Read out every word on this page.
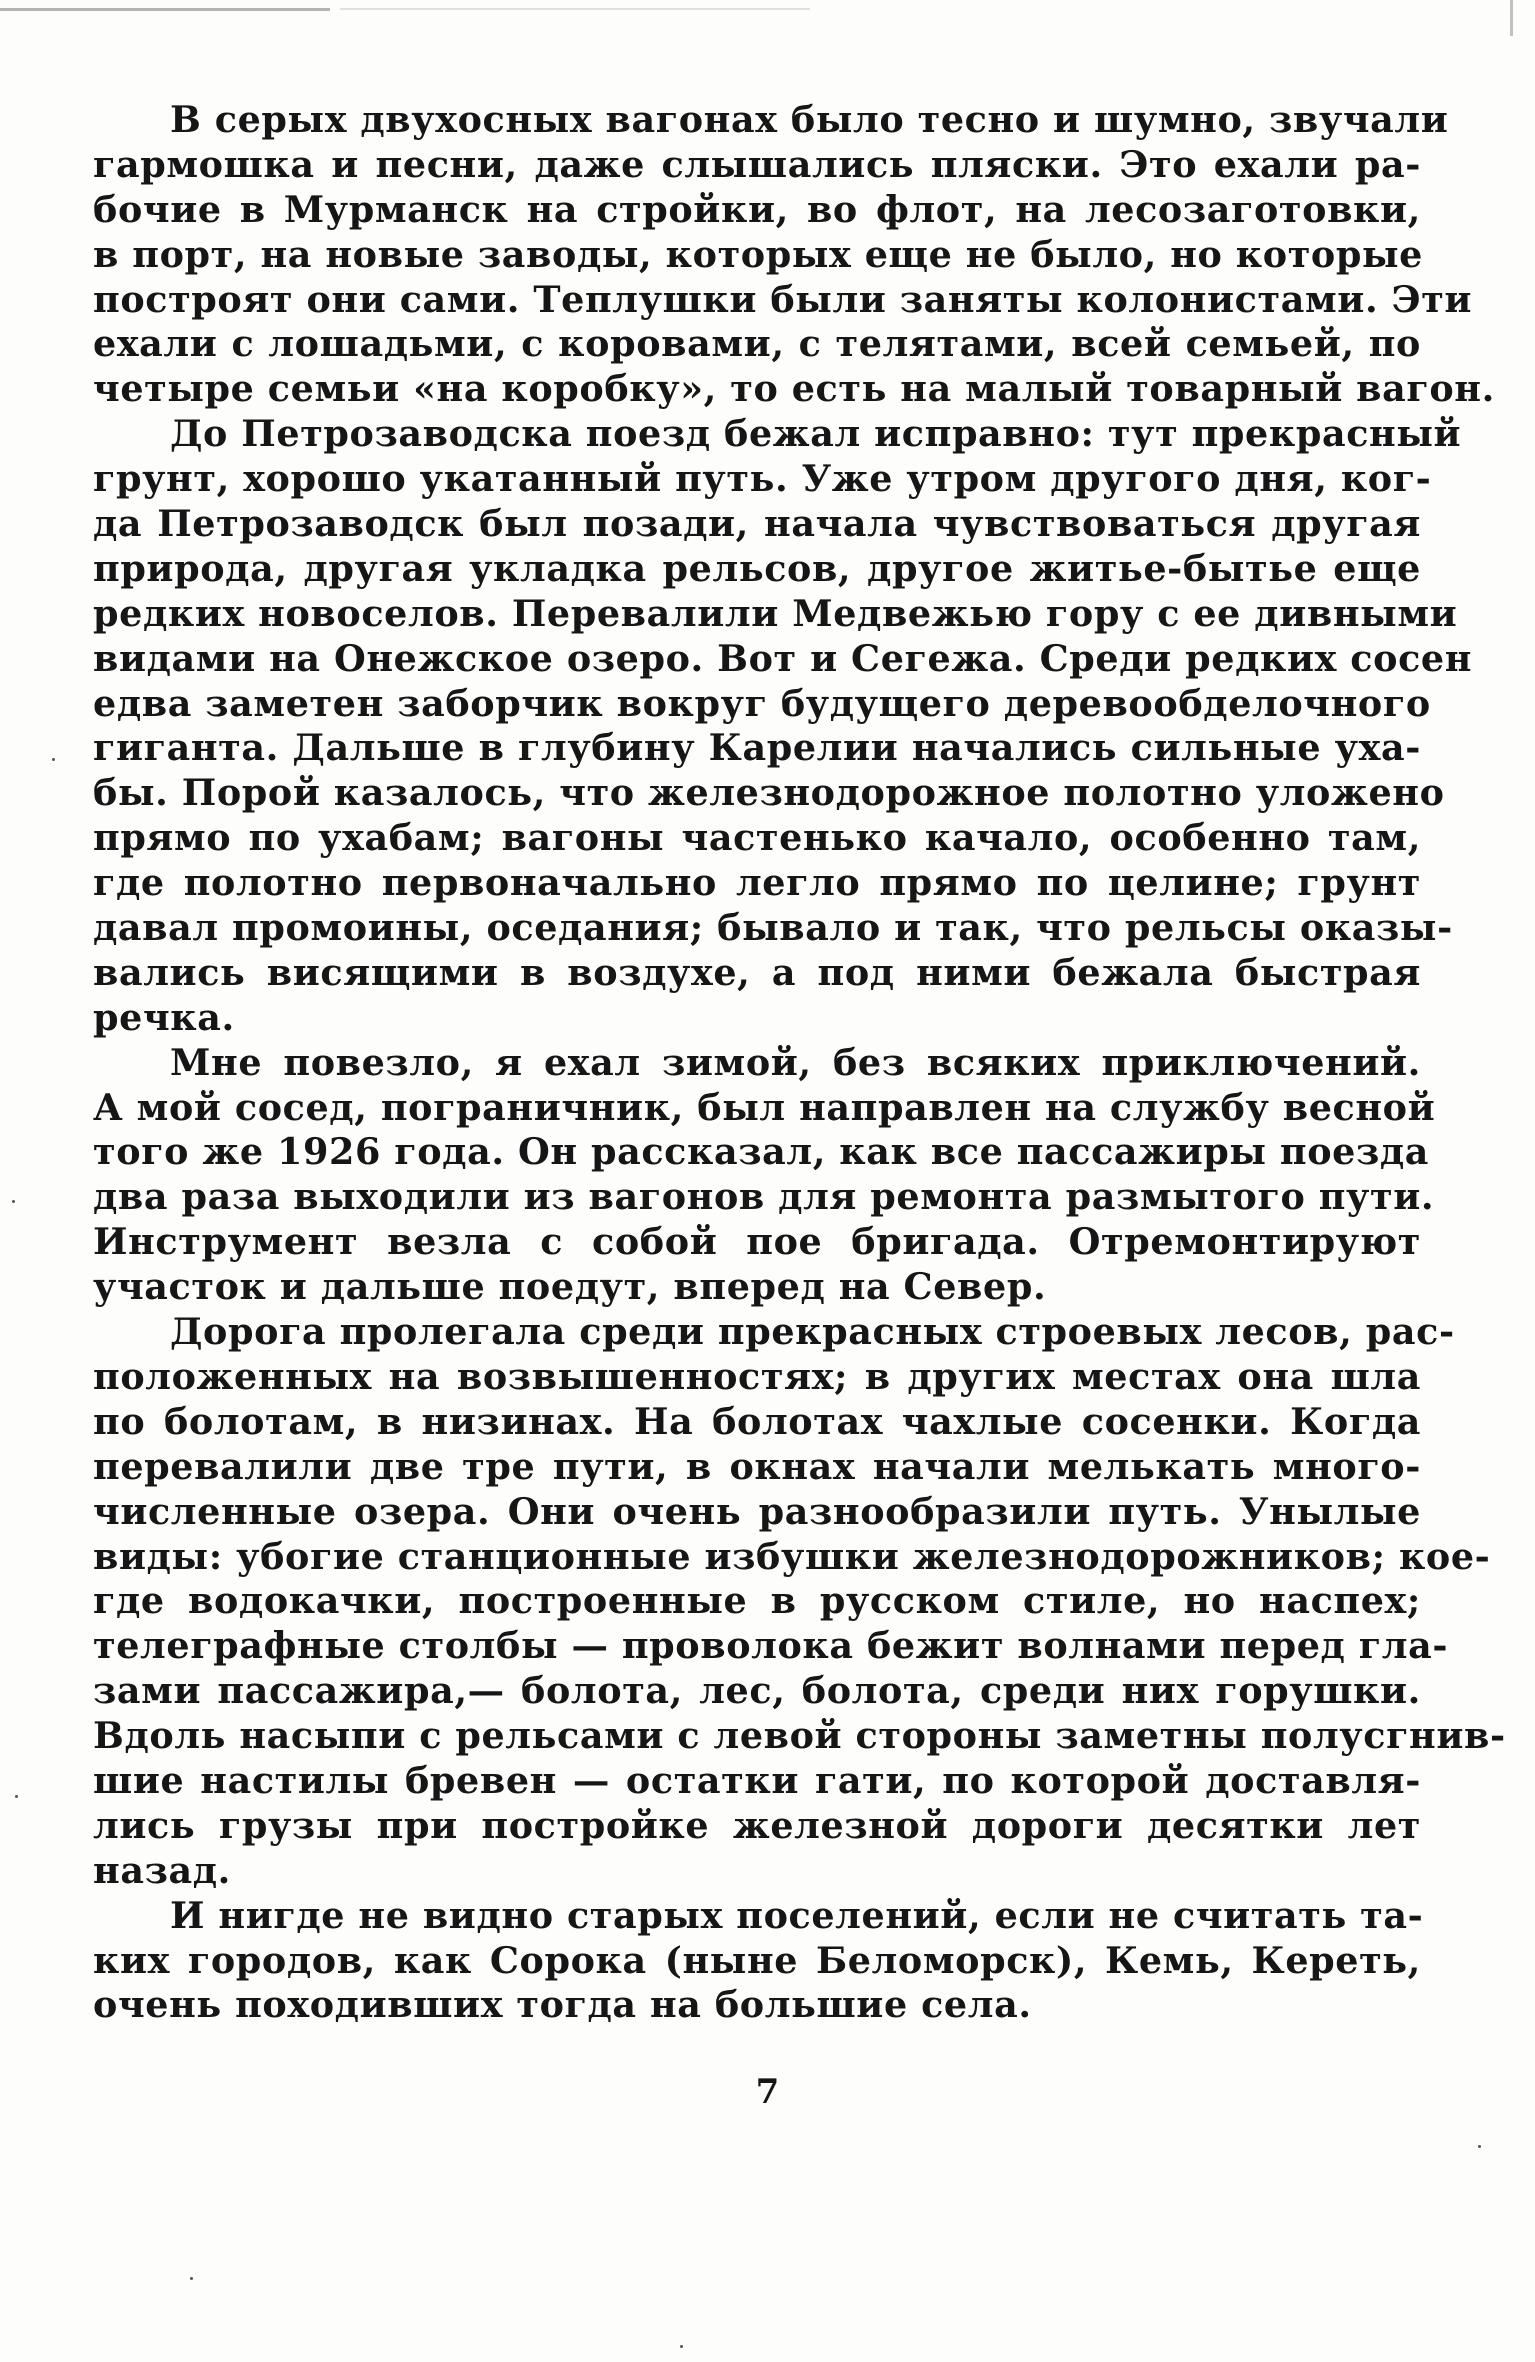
В серых двухосных вагонах было тесно и шумно, звучали
гармошка и песни, даже слышались пляски. Это ехали ра-
бочие в Мурманск на стройки, во флот, на лесозаготовки,
в порт, на новые заводы, которых еще не было, но которые
построят они сами. Теплушки были заняты колонистами. Эти
ехали с лошадьми, с коровами, с телятами, всей семьей, по
четыре семьи «на коробку», то есть на малый товарный вагон.
До Петрозаводска поезд бежал исправно: тут прекрасный
грунт, хорошо укатанный путь. Уже утром другого дня, ког-
да Петрозаводск был позади, начала чувствоваться другая
природа, другая укладка рельсов, другое житье-бытье еще
редких новоселов. Перевалили Медвежью гору с ее дивными
видами на Онежское озеро. Вот и Сегежа. Среди редких сосен
едва заметен заборчик вокруг будущего деревообделочного
гиганта. Дальше в глубину Карелии начались сильные уха-
бы. Порой казалось, что железнодорожное полотно уложено
прямо по ухабам; вагоны частенько качало, особенно там,
где полотно первоначально легло прямо по целине; грунт
давал промоины, оседания; бывало и так, что рельсы оказы-
вались висящими в воздухе, а под ними бежала быстрая
речка.
Мне повезло, я ехал зимой, без всяких приключений.
А мой сосед, пограничник, был направлен на службу весной
того же 1926 года. Он рассказал, как все пассажиры поезда
два раза выходили из вагонов для ремонта размытого пути.
Инструмент везла с собой пое бригада. Отремонтируют
участок и дальше поедут, вперед на Север.
Дорога пролегала среди прекрасных строевых лесов, рас-
положенных на возвышенностях; в других местах она шла
по болотам, в низинах. На болотах чахлые сосенки. Когда
перевалили две тре пути, в окнах начали мелькать много-
численные озера. Они очень разнообразили путь. Унылые
виды: убогие станционные избушки железнодорожников; кое-
где водокачки, построенные в русском стиле, но наспех;
телеграфные столбы — проволока бежит волнами перед гла-
зами пассажира,— болота, лес, болота, среди них горушки.
Вдоль насыпи с рельсами с левой стороны заметны полусгнив-
шие настилы бревен — остатки гати, по которой доставля-
лись грузы при постройке железной дороги десятки лет
назад.
И нигде не видно старых поселений, если не считать та-
ких городов, как Сорока (ныне Беломорск), Кемь, Кереть,
очень походивших тогда на большие села.
7
